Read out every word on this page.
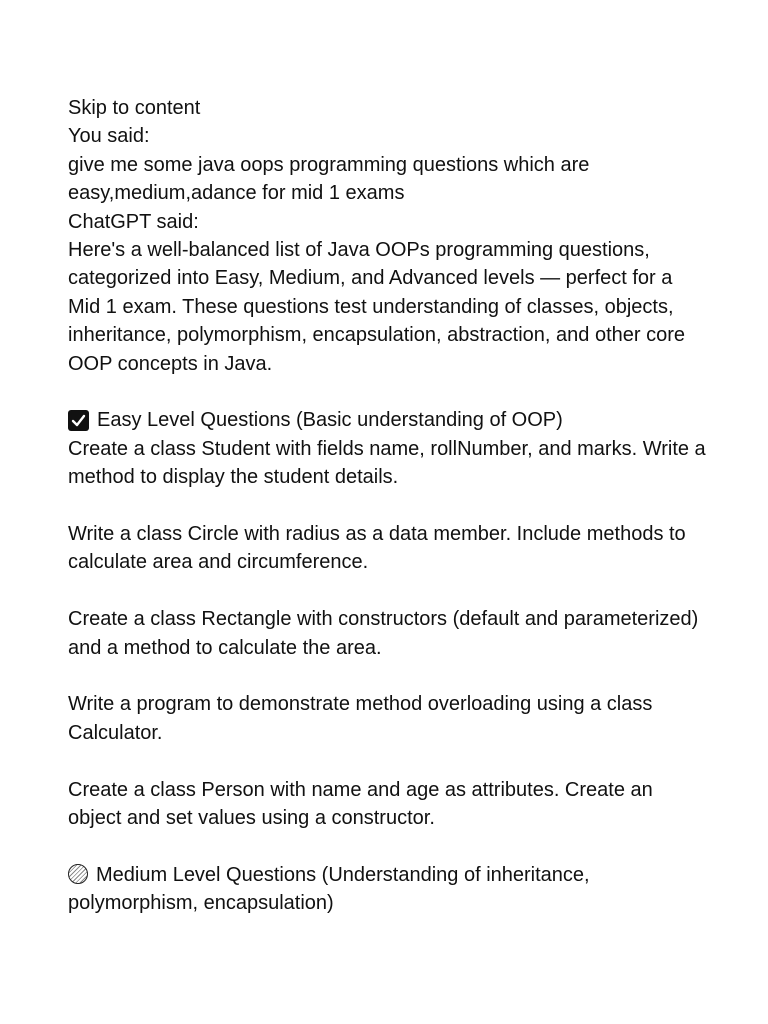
Skip to content
You said:
give me some java oops programming questions which are easy,medium,adance for mid 1 exams
ChatGPT said:
Here's a well-balanced list of Java OOPs programming questions, categorized into Easy, Medium, and Advanced levels — perfect for a Mid 1 exam. These questions test understanding of classes, objects, inheritance, polymorphism, encapsulation, abstraction, and other core OOP concepts in Java.
Easy Level Questions (Basic understanding of OOP)
Create a class Student with fields name, rollNumber, and marks. Write a method to display the student details.
Write a class Circle with radius as a data member. Include methods to calculate area and circumference.
Create a class Rectangle with constructors (default and parameterized) and a method to calculate the area.
Write a program to demonstrate method overloading using a class Calculator.
Create a class Person with name and age as attributes. Create an object and set values using a constructor.
Medium Level Questions (Understanding of inheritance, polymorphism, encapsulation)
